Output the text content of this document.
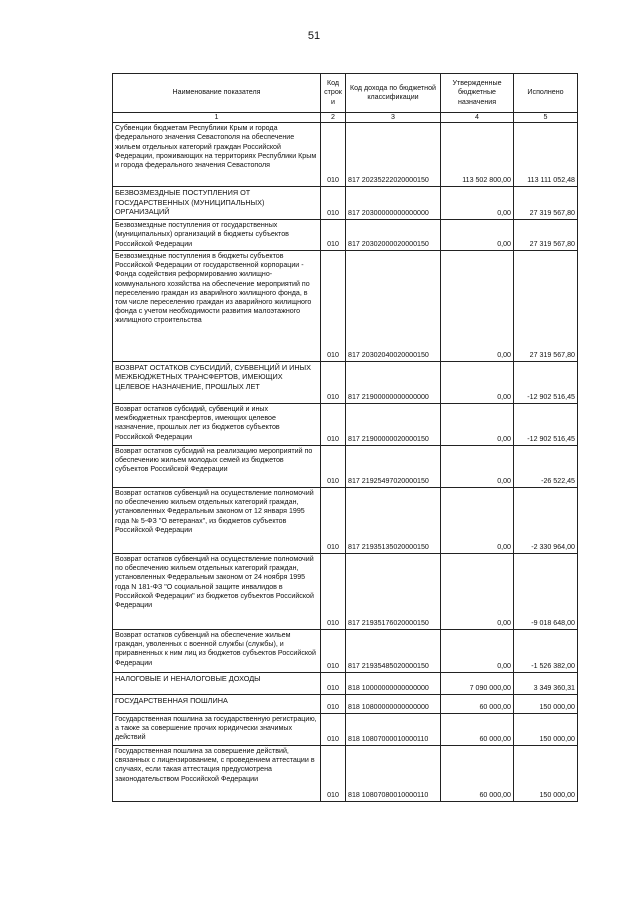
51
Наименование показателя	Код строки	Код дохода по бюджетной классификации	Утвержденные бюджетные назначения	Исполнено
1	2	3	4	5
Субвенции бюджетам Республики Крым и города федерального значения Севастополя на обеспечение жильем отдельных категорий граждан Российской Федерации, проживающих на территориях Республики Крым и города федерального значения Севастополя	010	817 20235222020000150	113 502 800,00	113 111 052,48
БЕЗВОЗМЕЗДНЫЕ ПОСТУПЛЕНИЯ ОТ ГОСУДАРСТВЕННЫХ (МУНИЦИПАЛЬНЫХ) ОРГАНИЗАЦИЙ	010	817 20300000000000000	0,00	27 319 567,80
Безвозмездные поступления от государственных (муниципальных) организаций в бюджеты субъектов Российской Федерации	010	817 20302000020000150	0,00	27 319 567,80
Безвозмездные поступления в бюджеты субъектов Российской Федерации от государственной корпорации - Фонда содействия реформированию жилищно-коммунального хозяйства на обеспечение мероприятий по переселению граждан из аварийного жилищного фонда, в том числе переселению граждан из аварийного жилищного фонда с учетом необходимости развития малоэтажного жилищного строительства	010	817 20302040020000150	0,00	27 319 567,80
ВОЗВРАТ ОСТАТКОВ СУБСИДИЙ, СУБВЕНЦИЙ И ИНЫХ МЕЖБЮДЖЕТНЫХ ТРАНСФЕРТОВ, ИМЕЮЩИХ ЦЕЛЕВОЕ НАЗНАЧЕНИЕ, ПРОШЛЫХ ЛЕТ	010	817 21900000000000000	0,00	-12 902 516,45
Возврат остатков субсидий, субвенций и иных межбюджетных трансфертов, имеющих целевое назначение, прошлых лет из бюджетов субъектов Российской Федерации	010	817 21900000020000150	0,00	-12 902 516,45
Возврат остатков субсидий на реализацию мероприятий по обеспечению жильем молодых семей из бюджетов субъектов Российской Федерации	010	817 21925497020000150	0,00	-26 522,45
Возврат остатков субвенций на осуществление полномочий по обеспечению жильем отдельных категорий граждан, установленных Федеральным законом от 12 января 1995 года № 5-ФЗ "О ветеранах", из бюджетов субъектов Российской Федерации	010	817 21935135020000150	0,00	-2 330 964,00
Возврат остатков субвенций на осуществление полномочий по обеспечению жильем отдельных категорий граждан, установленных Федеральным законом от 24 ноября 1995 года N 181-ФЗ "О социальной защите инвалидов в Российской Федерации" из бюджетов субъектов Российской Федерации	010	817 21935176020000150	0,00	-9 018 648,00
Возврат остатков субвенций на обеспечение жильем граждан, уволенных с военной службы (службы), и приравненных к ним лиц из бюджетов субъектов Российской Федерации	010	817 21935485020000150	0,00	-1 526 382,00
НАЛОГОВЫЕ И НЕНАЛОГОВЫЕ ДОХОДЫ	010	818 10000000000000000	7 090 000,00	3 349 360,31
ГОСУДАРСТВЕННАЯ ПОШЛИНА	010	818 10800000000000000	60 000,00	150 000,00
Государственная пошлина за государственную регистрацию, а также за совершение прочих юридически значимых действий	010	818 10807000010000110	60 000,00	150 000,00
Государственная пошлина за совершение действий, связанных с лицензированием, с проведением аттестации в случаях, если такая аттестация предусмотрена законодательством Российской Федерации	010	818 10807080010000110	60 000,00	150 000,00
